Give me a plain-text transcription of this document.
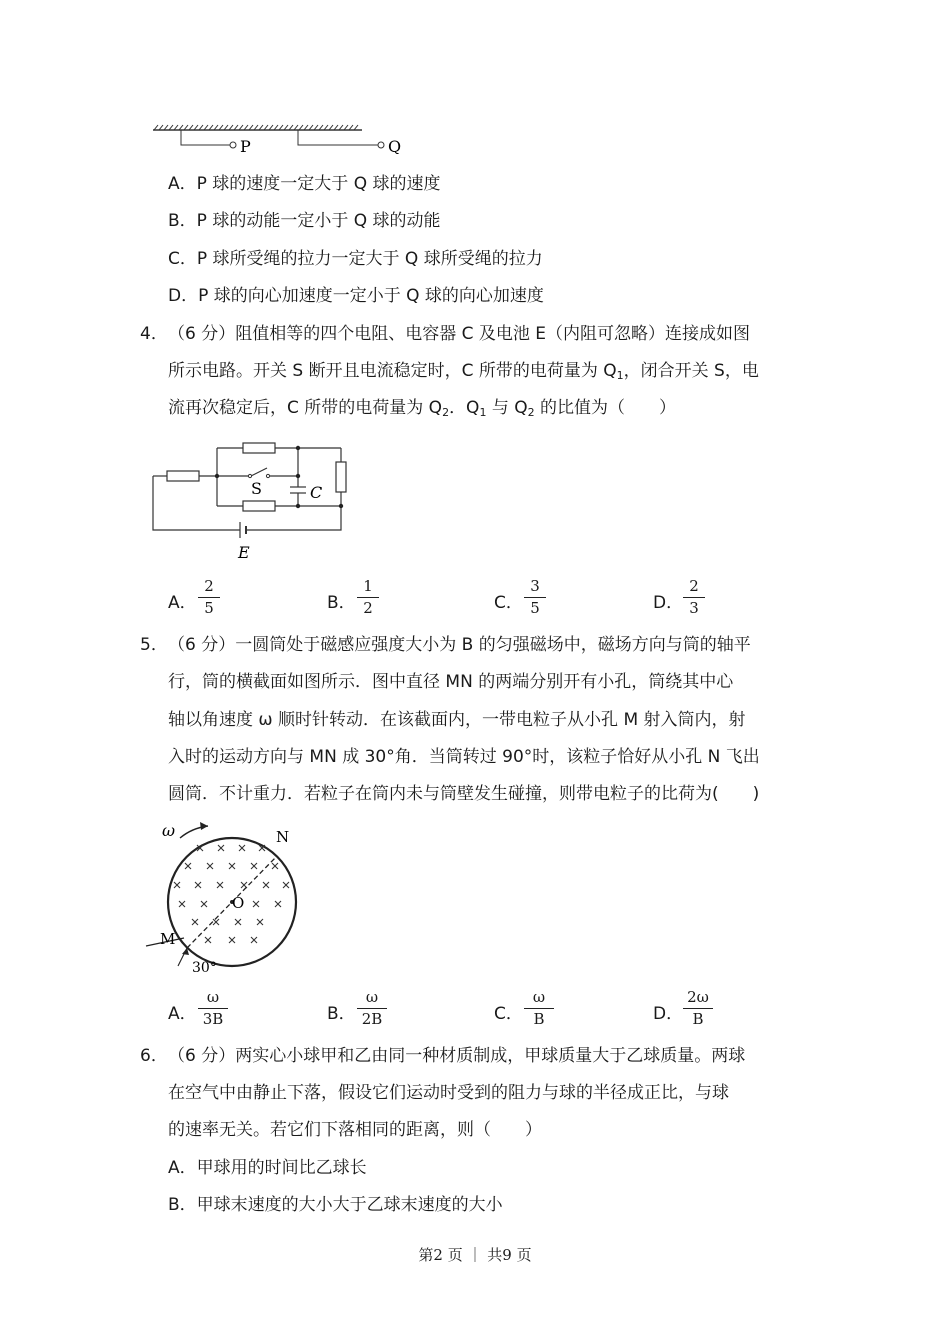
P	Q
A．P 球的速度一定大于 Q 球的速度
B．P 球的动能一定小于 Q 球的动能
C．P 球所受绳的拉力一定大于 Q 球所受绳的拉力
D．P 球的向心加速度一定小于 Q 球的向心加速度
4． （6 分）阻值相等的四个电阻、电容器 C 及电池 E（内阻可忽略）连接成如图
所示电路。开关 S 断开且电流稳定时，C 所带的电荷量为 $Q_1$，闭合开关 S，电
流再次稳定后，C 所带的电荷量为 $Q_2$．$Q_1$ 与 $Q_2$ 的比值为（　　）
S	C
E
A． $\frac{2}{5}$	B． $\frac{1}{2}$	C． $\frac{3}{5}$	D． $\frac{2}{3}$
5． （6 分）一圆筒处于磁感应强度大小为 B 的匀强磁场中，磁场方向与筒的轴平
行，筒的横截面如图所示．图中直径 MN 的两端分别开有小孔，筒绕其中心
轴以角速度 ω 顺时针转动．在该截面内，一带电粒子从小孔 M 射入筒内，射
入时的运动方向与 MN 成 30°角．当筒转过 90°时，该粒子恰好从小孔 N 飞出
圆筒．不计重力．若粒子在筒内未与筒壁发生碰撞，则带电粒子的比荷为(　　)
ω	N
O
M
30°
A． $\frac{\omega}{3B}$	B． $\frac{\omega}{2B}$	C． $\frac{\omega}{B}$	D． $\frac{2\omega}{B}$
6． （6 分）两实心小球甲和乙由同一种材质制成，甲球质量大于乙球质量。两球
在空气中由静止下落，假设它们运动时受到的阻力与球的半径成正比，与球
的速率无关。若它们下落相同的距离，则（　　）
A．甲球用的时间比乙球长
B．甲球末速度的大小大于乙球末速度的大小
第2 页 ｜ 共9 页
